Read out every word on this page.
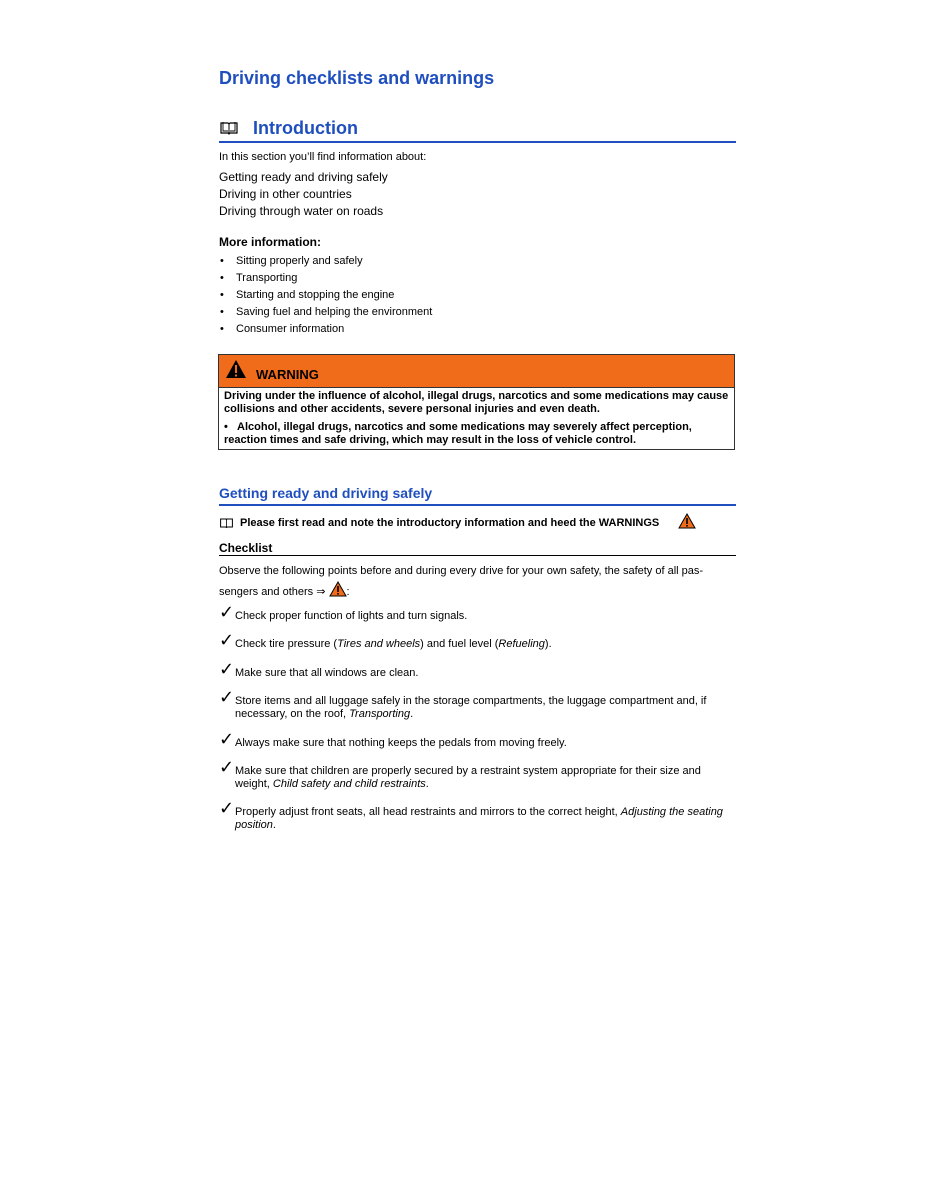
Driving checklists and warnings
Introduction
In this section you’ll find information about:
Getting ready and driving safely
Driving in other countries
Driving through water on roads
More information:
• Sitting properly and safely
• Transporting
• Starting and stopping the engine
• Saving fuel and helping the environment
• Consumer information
WARNING

Driving under the influence of alcohol, illegal drugs, narcotics and some medications may cause collisions and other accidents, severe personal injuries and even death.

• Alcohol, illegal drugs, narcotics and some medications may severely affect perception, reaction times and safe driving, which may result in the loss of vehicle control.

Getting ready and driving safely
Please first read and note the introductory information and heed the WARNINGS
Checklist
Observe the following points before and during every drive for your own safety, the safety of all pas- sengers and others ⇒ :
✓ Check proper function of lights and turn signals.
✓ Check tire pressure (Tires and wheels) and fuel level (Refueling).
✓ Make sure that all windows are clean.
✓ Store items and all luggage safely in the storage compartments, the luggage compartment and, if necessary, on the roof, Transporting.
✓ Always make sure that nothing keeps the pedals from moving freely.
✓ Make sure that children are properly secured by a restraint system appropriate for their size and weight, Child safety and child restraints.
✓ Properly adjust front seats, all head restraints and mirrors to the correct height, Adjusting the seating position.
